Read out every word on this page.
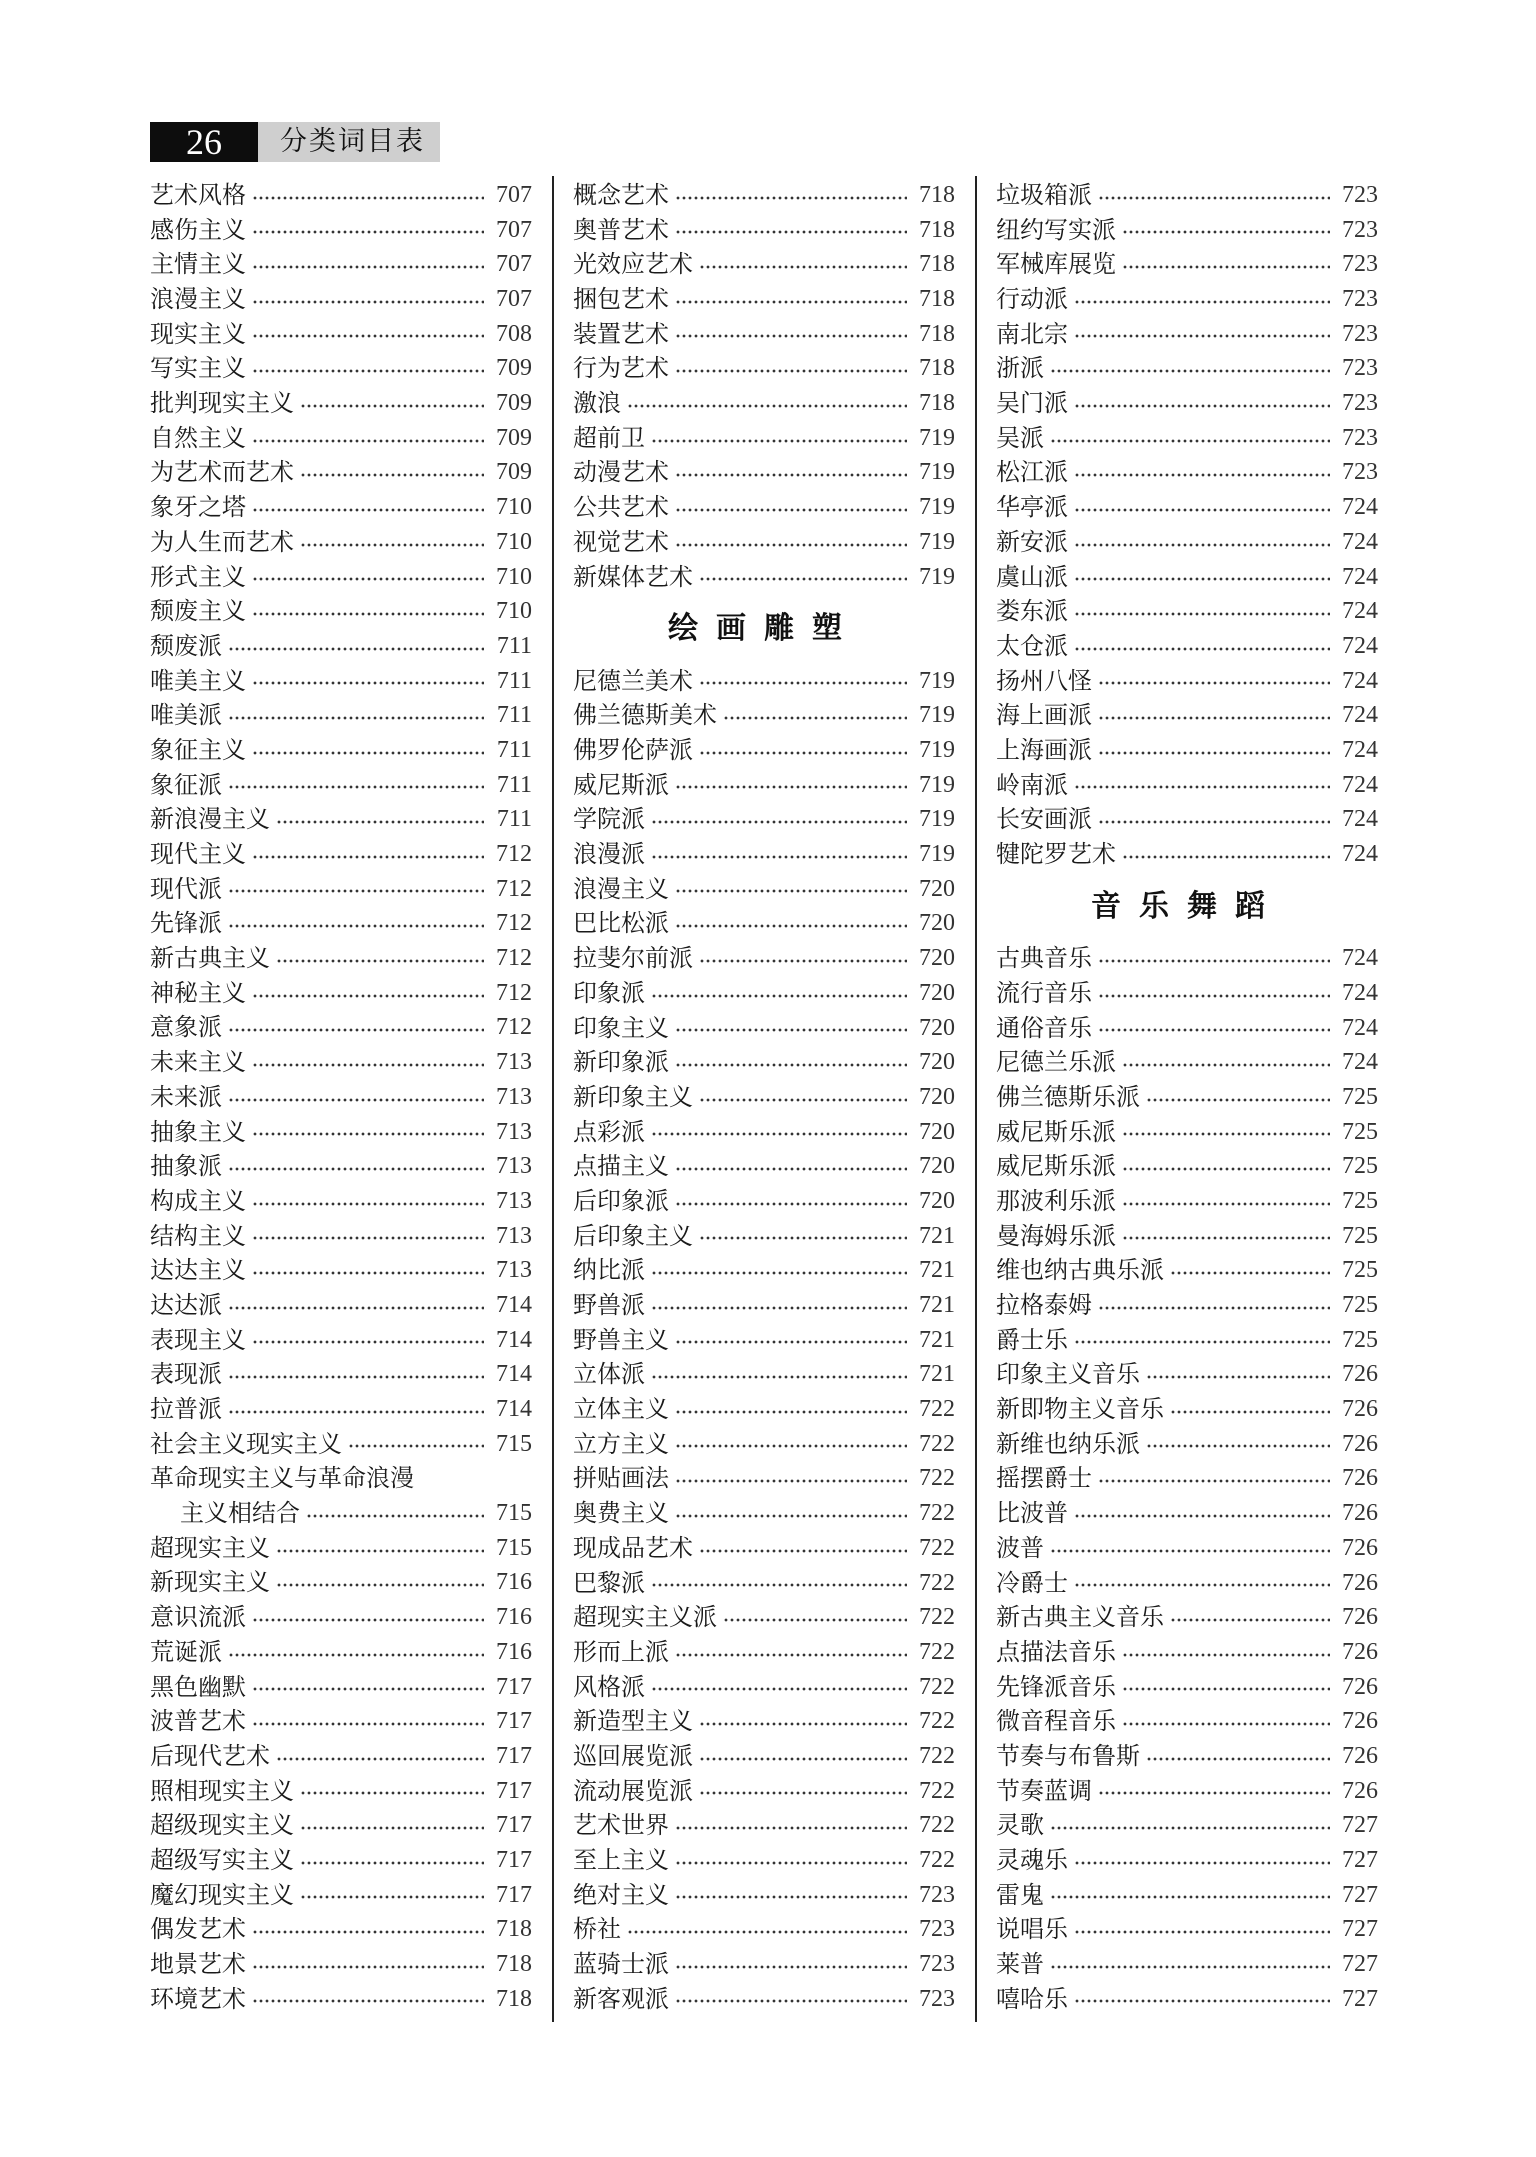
26	分类词目表
艺术风格	707
感伤主义	707
主情主义	707
浪漫主义	707
现实主义	708
写实主义	709
批判现实主义	709
自然主义	709
为艺术而艺术	709
象牙之塔	710
为人生而艺术	710
形式主义	710
颓废主义	710
颓废派	711
唯美主义	711
唯美派	711
象征主义	711
象征派	711
新浪漫主义	711
现代主义	712
现代派	712
先锋派	712
新古典主义	712
神秘主义	712
意象派	712
未来主义	713
未来派	713
抽象主义	713
抽象派	713
构成主义	713
结构主义	713
达达主义	713
达达派	714
表现主义	714
表现派	714
拉普派	714
社会主义现实主义	715
革命现实主义与革命浪漫
主义相结合	715
超现实主义	715
新现实主义	716
意识流派	716
荒诞派	716
黑色幽默	717
波普艺术	717
后现代艺术	717
照相现实主义	717
超级现实主义	717
超级写实主义	717
魔幻现实主义	717
偶发艺术	718
地景艺术	718
环境艺术	718
概念艺术	718
奥普艺术	718
光效应艺术	718
捆包艺术	718
装置艺术	718
行为艺术	718
激浪	718
超前卫	719
动漫艺术	719
公共艺术	719
视觉艺术	719
新媒体艺术	719
绘画雕塑
尼德兰美术	719
佛兰德斯美术	719
佛罗伦萨派	719
威尼斯派	719
学院派	719
浪漫派	719
浪漫主义	720
巴比松派	720
拉斐尔前派	720
印象派	720
印象主义	720
新印象派	720
新印象主义	720
点彩派	720
点描主义	720
后印象派	720
后印象主义	721
纳比派	721
野兽派	721
野兽主义	721
立体派	721
立体主义	722
立方主义	722
拼贴画法	722
奥费主义	722
现成品艺术	722
巴黎派	722
超现实主义派	722
形而上派	722
风格派	722
新造型主义	722
巡回展览派	722
流动展览派	722
艺术世界	722
至上主义	722
绝对主义	723
桥社	723
蓝骑士派	723
新客观派	723
垃圾箱派	723
纽约写实派	723
军械库展览	723
行动派	723
南北宗	723
浙派	723
吴门派	723
吴派	723
松江派	723
华亭派	724
新安派	724
虞山派	724
娄东派	724
太仓派	724
扬州八怪	724
海上画派	724
上海画派	724
岭南派	724
长安画派	724
犍陀罗艺术	724
音乐舞蹈
古典音乐	724
流行音乐	724
通俗音乐	724
尼德兰乐派	724
佛兰德斯乐派	725
威尼斯乐派	725
威尼斯乐派	725
那波利乐派	725
曼海姆乐派	725
维也纳古典乐派	725
拉格泰姆	725
爵士乐	725
印象主义音乐	726
新即物主义音乐	726
新维也纳乐派	726
摇摆爵士	726
比波普	726
波普	726
冷爵士	726
新古典主义音乐	726
点描法音乐	726
先锋派音乐	726
微音程音乐	726
节奏与布鲁斯	726
节奏蓝调	726
灵歌	727
灵魂乐	727
雷鬼	727
说唱乐	727
莱普	727
嘻哈乐	727
